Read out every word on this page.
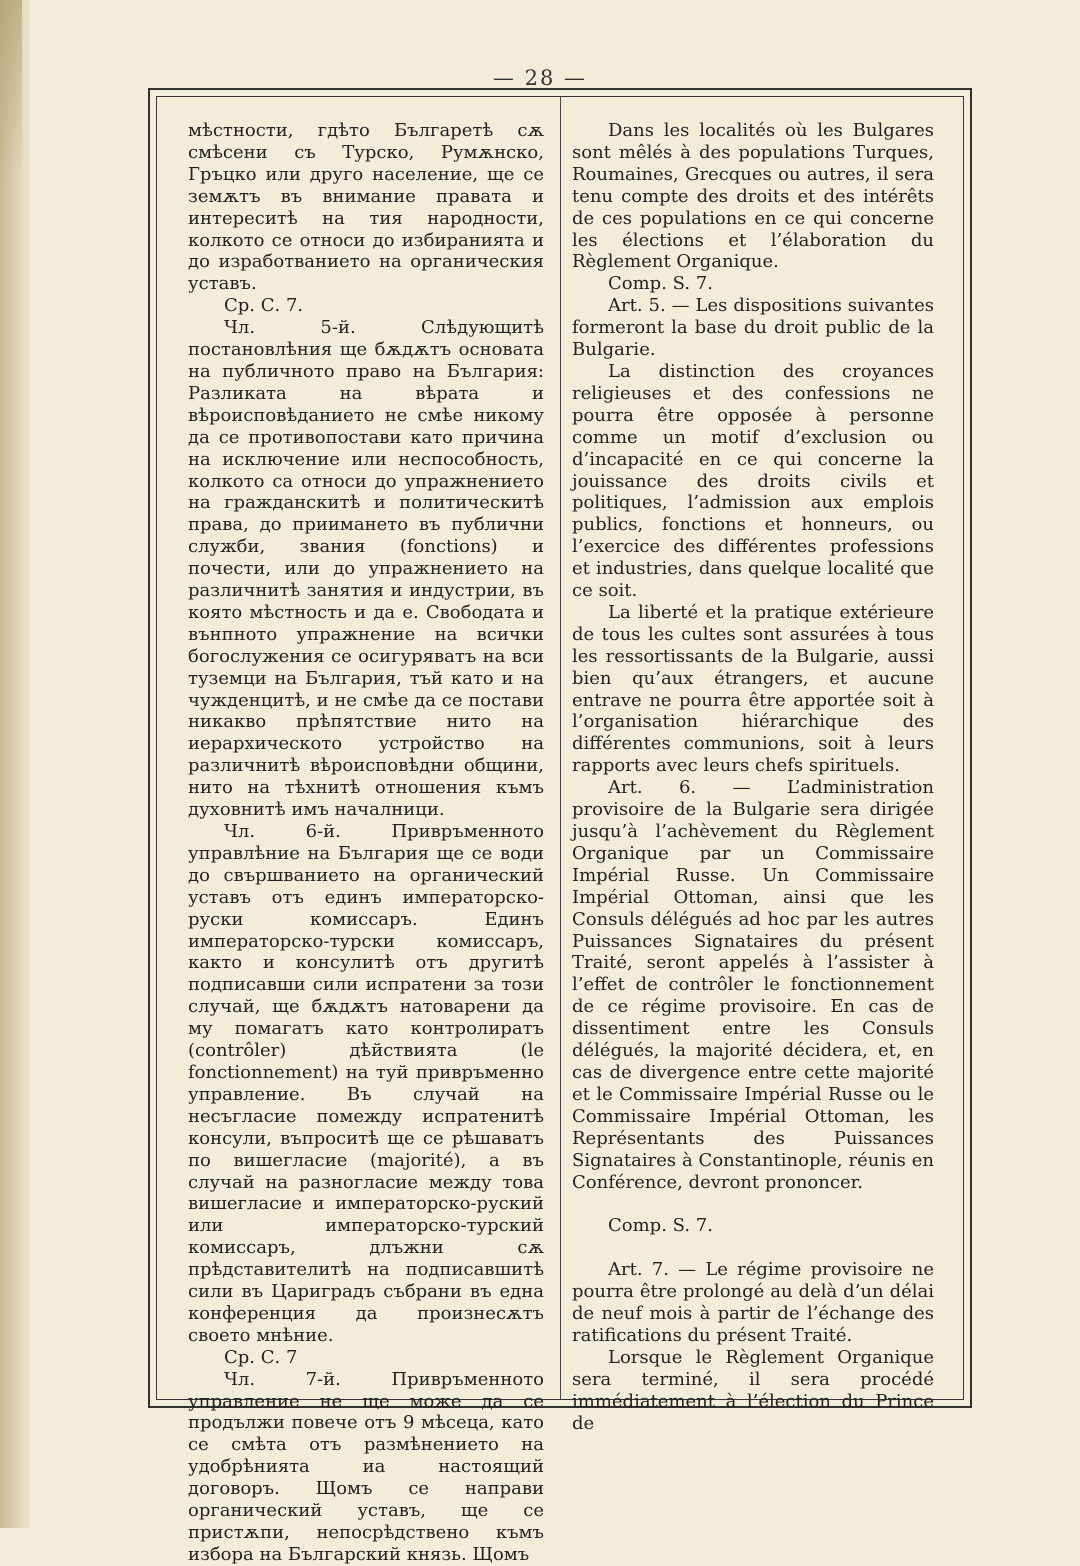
— 28 —

мѣстности, гдѣто Българетѣ сѫ смѣсени съ Турско, Румѫнско, Гръцко или друго население, ще се земѫтъ въ внимание правата и интереситѣ на тия народности, колкото се относи до избиранията и до изработванието на органическия уставъ.

Ср. С. 7.

Чл. 5-й. Слѣдующитѣ постановлѣния ще бѫдѫтъ основата на публичното право на България: Разликата на вѣрата и вѣроисповѣданието не смѣе никому да се противопостави като причина на исключение или неспособность, колкото са относи до упражнението на гражданскитѣ и политическитѣ права, до приимането въ публични служби, звания (fonctions) и почести, или до упражнението на различнитѣ занятия и индустрии, въ която мѣстность и да е. Свободата и вънпното упражнение на всички богослужения се осигуряватъ на вси туземци на България, тъй като и на чужденцитѣ, и не смѣе да се постави никакво прѣпятствие нито на иерархическото устройство на различнитѣ вѣроисповѣдни общини, нито на тѣхнитѣ отношения къмъ духовнитѣ имъ началници.

Чл. 6-й. Привръменното управлѣние на България ще се води до свършванието на органический уставъ отъ единъ императорско-руски комиссаръ. Единъ императорско-турски комиссаръ, както и консулитѣ отъ другитѣ подписавши сили испратени за този случай, ще бѫдѫтъ натоварени да му помагатъ като контролиратъ (contrôler) дѣйствията (le fonctionnement) на туй привръменно управление. Въ случай на несъгласие помежду испратенитѣ консули, въпроситѣ ще се рѣшаватъ по вишегласие (majorité), а въ случай на разногласие между това вишегласие и императорско-руский или императорско-турский комиссаръ, длъжни сѫ прѣдставителитѣ на подписавшитѣ сили въ Цариградъ събрани въ една конференция да произнесѫтъ своето мнѣние.

Ср. С. 7

Чл. 7-й. Привръменното управление не ще може да се продължи повече отъ 9 мѣсеца, като се смѣта отъ размѣнението на удобрѣнията иа настоящий договоръ. Щомъ се направи органический уставъ, ще се пристѫпи, непосрѣдствено къмъ избора на Българский князь. Щомъ

Dans les localités où les Bulgares sont mêlés à des populations Turques, Roumaines, Grecques ou autres, il sera tenu compte des droits et des intérêts de ces populations en ce qui concerne les élections et l’élaboration du Règlement Organique.

Comp. S. 7.

Art. 5. — Les dispositions suivantes formeront la base du droit public de la Bulgarie.

La distinction des croyances religieuses et des confessions ne pourra être opposée à personne comme un motif d’exclusion ou d’incapacité en ce qui concerne la jouissance des droits civils et politiques, l’admission aux emplois publics, fonctions et honneurs, ou l’exercice des différentes professions et industries, dans quelque localité que ce soit.

La liberté et la pratique extérieure de tous les cultes sont assurées à tous les ressortissants de la Bulgarie, aussi bien qu’aux étrangers, et aucune entrave ne pourra être apportée soit à l’organisation hiérarchique des différentes communions, soit à leurs rapports avec leurs chefs spirituels.

Art. 6. — L’administration provisoire de la Bulgarie sera dirigée jusqu’à l’achèvement du Règlement Organique par un Commissaire Impérial Russe. Un Commissaire Impérial Ottoman, ainsi que les Consuls délégués ad hoc par les autres Puissances Signataires du présent Traité, seront appelés à l’assister à l’effet de contrôler le fonctionnement de ce régime provisoire. En cas de dissentiment entre les Consuls délégués, la majorité décidera, et, en cas de divergence entre cette majorité et le Commissaire Impérial Russe ou le Commissaire Impérial Ottoman, les Représentants des Puissances Signataires à Constantinople, réunis en Conférence, devront prononcer.

Comp. S. 7.

Art. 7. — Le régime provisoire ne pourra être prolongé au delà d’un délai de neuf mois à partir de l’échange des ratifications du présent Traité.

Lorsque le Règlement Organique sera terminé, il sera procédé immédiatement à l’élection du Prince de
